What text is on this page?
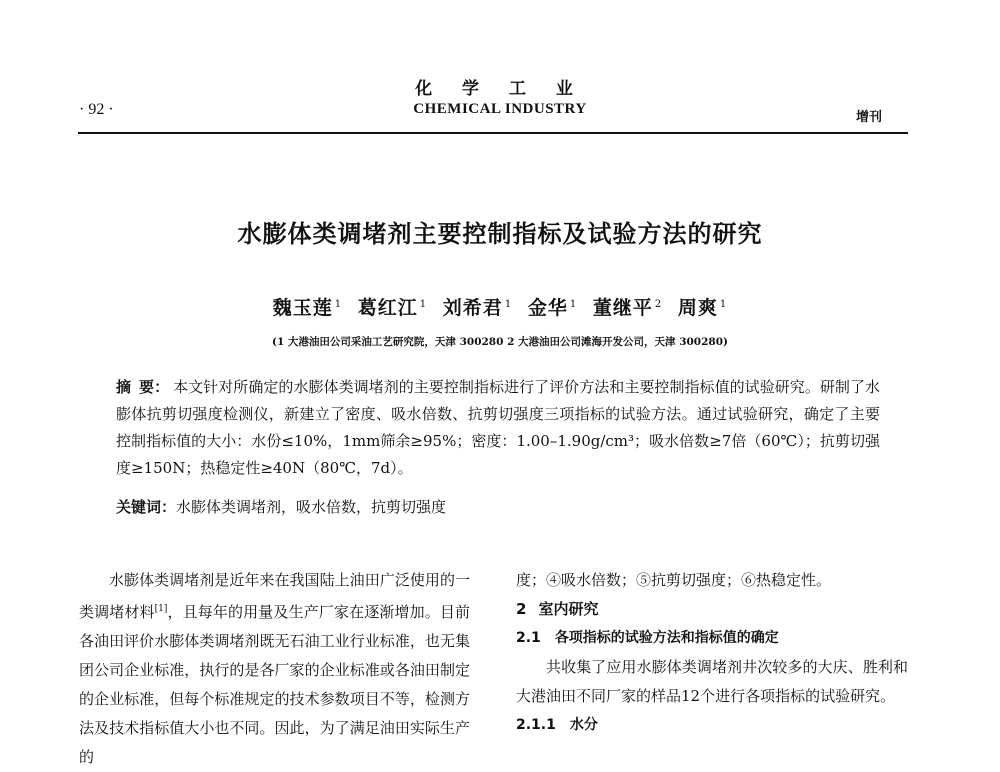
化 学 工 业
CHEMICAL INDUSTRY
· 92 ·	增刊
水膨体类调堵剂主要控制指标及试验方法的研究
魏玉莲 $^1$ 葛红江 $^1$ 刘希君 $^1$ 金华 $^1$ 董继平 $^2$ 周爽 $^1$
(1 大港油田公司采油工艺研究院，天津 300280 2 大港油田公司滩海开发公司，天津 300280)

摘 要： 本文针对所确定的水膨体类调堵剂的主要控制指标进行了评价方法和主要控制指标值的试验研究。研制了水膨体抗剪切强度检测仪，新建立了密度、吸水倍数、抗剪切强度三项指标的试验方法。通过试验研究，确定了主要控制指标值的大小：水份≤10%，1mm筛余≥95%；密度：1.00–1.90g/cm³；吸水倍数≥7倍（60℃）；抗剪切强度≥150N；热稳定性≥40N（80℃，7d）。

关键词：水膨体类调堵剂，吸水倍数，抗剪切强度

水膨体类调堵剂是近年来在我国陆上油田广泛使用的一类调堵材料[1]，且每年的用量及生产厂家在逐渐增加。目前各油田评价水膨体类调堵剂既无石油工业行业标准，也无集团公司企业标准，执行的是各厂家的企业标准或各油田制定的企业标准，但每个标准规定的技术参数项目不等，检测方法及技术指标值大小也不同。因此，为了满足油田实际生产的

度；④吸水倍数；⑤抗剪切强度；⑥热稳定性。

2 室内研究

2.1 各项指标的试验方法和指标值的确定

共收集了应用水膨体类调堵剂井次较多的大庆、胜利和大港油田不同厂家的样品12个进行各项指标的试验研究。

2.1.1 水分
